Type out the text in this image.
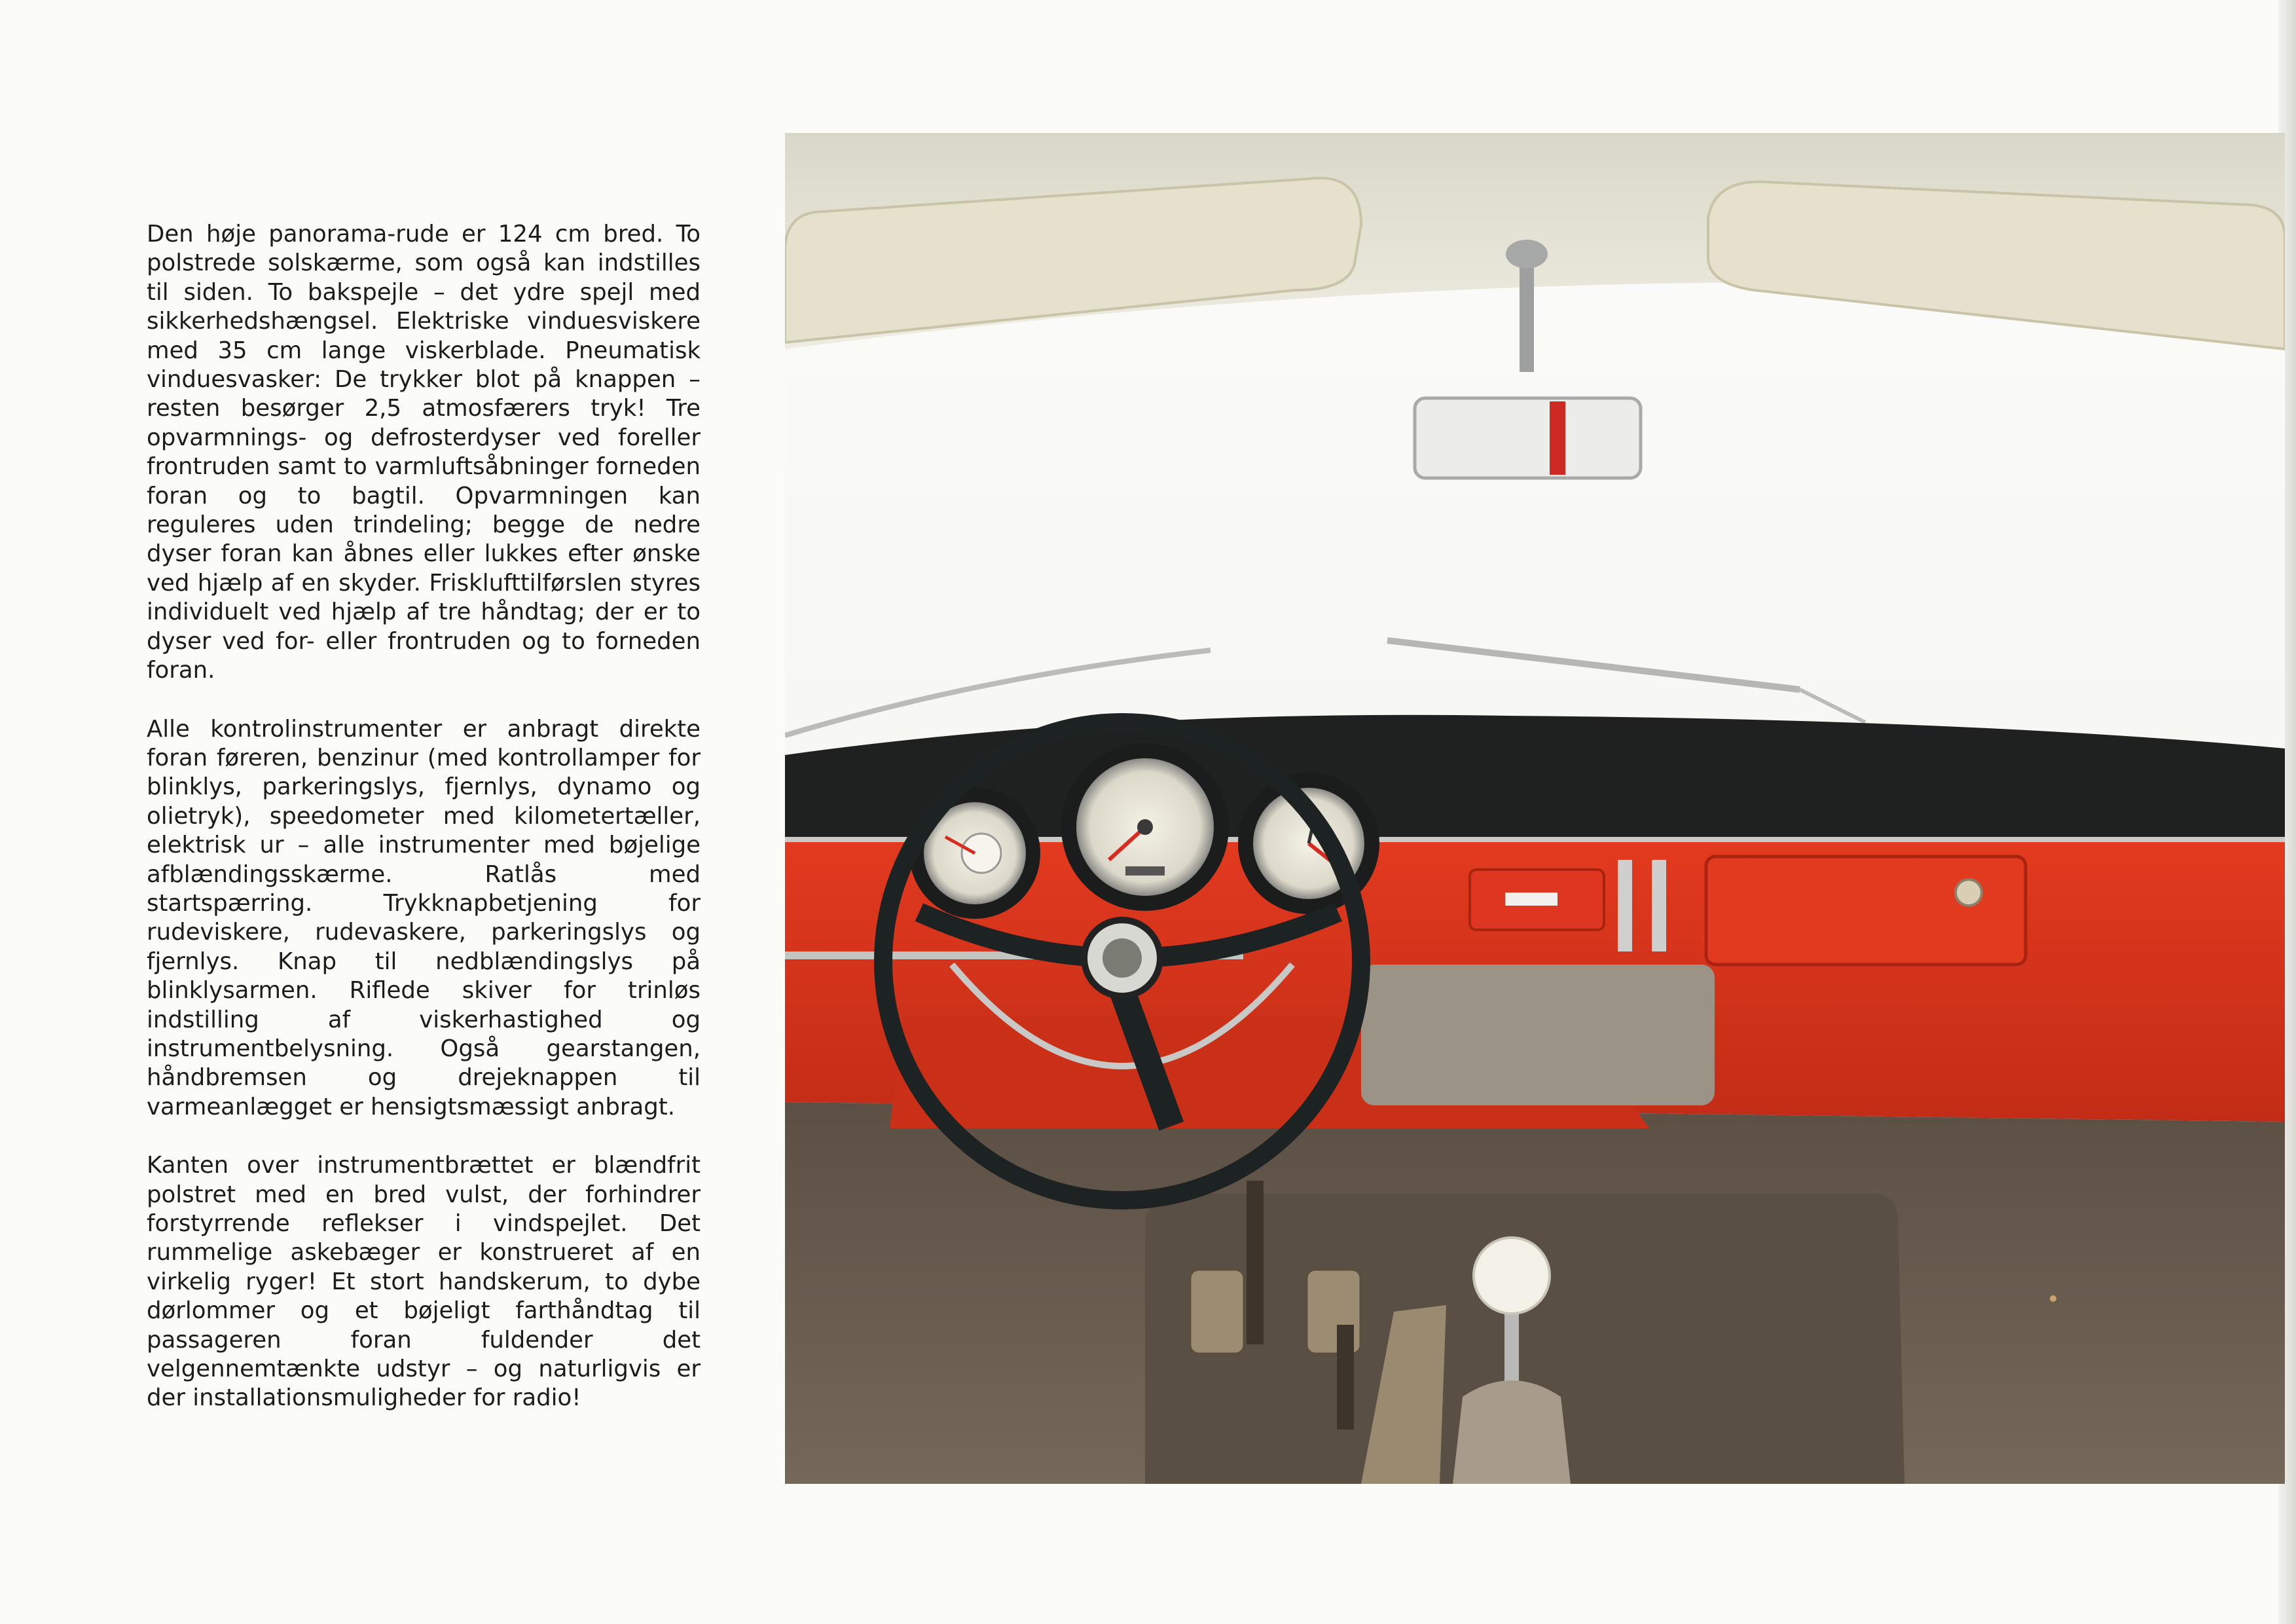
Den høje panorama-rude er 124 cm bred. To polstrede solskærme, som også kan indstilles til siden. To bakspejle – det ydre spejl med sikkerhedshængsel. Elektriske vinduesviskere med 35 cm lange viskerblade. Pneumatisk vinduesvasker: De trykker blot på knappen – resten besørger 2,5 atmosfærers tryk! Tre opvarmnings- og defrosterdyser ved foreller frontruden samt to varmluftsåbninger forneden foran og to bagtil. Opvarmningen kan reguleres uden trindeling; begge de nedre dyser foran kan åbnes eller lukkes efter ønske ved hjælp af en skyder. Frisklufttilførslen styres individuelt ved hjælp af tre håndtag; der er to dyser ved for- eller frontruden og to forneden foran.

Alle kontrolinstrumenter er anbragt direkte foran føreren, benzinur (med kontrollamper for blinklys, parkeringslys, fjernlys, dynamo og olietryk), speedometer med kilometertæller, elektrisk ur – alle instrumenter med bøjelige afblændingsskærme. Ratlås med startspærring. Trykknapbetjening for rudeviskere, rudevaskere, parkeringslys og fjernlys. Knap til nedblændingslys på blinklysarmen. Riflede skiver for trinløs indstilling af viskerhastighed og instrumentbelysning. Også gearstangen, håndbremsen og drejeknappen til varmeanlægget er hensigtsmæssigt anbragt.

Kanten over instrumentbrættet er blændfrit polstret med en bred vulst, der forhindrer forstyrrende reflekser i vindspejlet. Det rummelige askebæger er konstrueret af en virkelig ryger! Et stort handskerum, to dybe dørlommer og et bøjeligt farthåndtag til passageren foran fuldender det velgennemtænkte udstyr – og naturligvis er der installationsmuligheder for radio!
